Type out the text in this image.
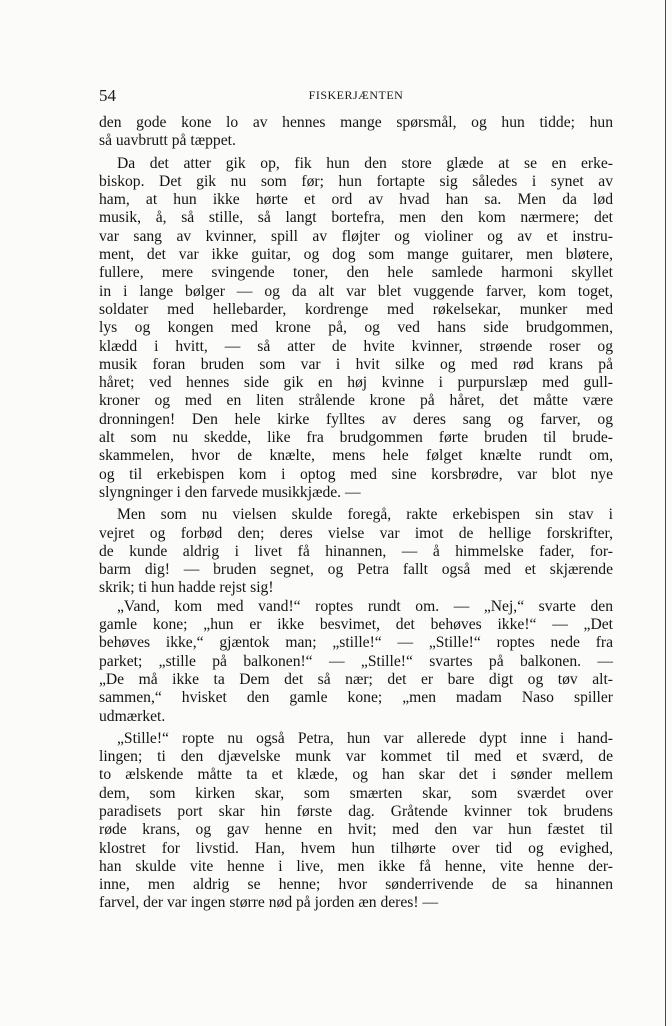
54	FISKERJÆNTEN
den gode kone lo av hennes mange spørsmål, og hun tidde; hun
så uavbrutt på tæppet.
Da det atter gik op, fik hun den store glæde at se en erke-
biskop. Det gik nu som før; hun fortapte sig således i synet av
ham, at hun ikke hørte et ord av hvad han sa. Men da lød
musik, å, så stille, så langt bortefra, men den kom nærmere; det
var sang av kvinner, spill av fløjter og violiner og av et instru-
ment, det var ikke guitar, og dog som mange guitarer, men bløtere,
fullere, mere svingende toner, den hele samlede harmoni skyllet
in i lange bølger — og da alt var blet vuggende farver, kom toget,
soldater med hellebarder, kordrenge med røkelsekar, munker med
lys og kongen med krone på, og ved hans side brudgommen,
klædd i hvitt, — så atter de hvite kvinner, strøende roser og
musik foran bruden som var i hvit silke og med rød krans på
håret; ved hennes side gik en høj kvinne i purpurslæp med gull-
kroner og med en liten strålende krone på håret, det måtte være
dronningen! Den hele kirke fylltes av deres sang og farver, og
alt som nu skedde, like fra brudgommen førte bruden til brude-
skammelen, hvor de knælte, mens hele følget knælte rundt om,
og til erkebispen kom i optog med sine korsbrødre, var blot nye
slyngninger i den farvede musikkjæde. —
Men som nu vielsen skulde foregå, rakte erkebispen sin stav i
vejret og forbød den; deres vielse var imot de hellige forskrifter,
de kunde aldrig i livet få hinannen, — å himmelske fader, for-
barm dig! — bruden segnet, og Petra fallt også med et skjærende
skrik; ti hun hadde rejst sig!
„Vand, kom med vand!“ roptes rundt om. — „Nej,“ svarte den
gamle kone; „hun er ikke besvimet, det behøves ikke!“ — „Det
behøves ikke,“ gjæntok man; „stille!“ — „Stille!“ roptes nede fra
parket; „stille på balkonen!“ — „Stille!“ svartes på balkonen. —
„De må ikke ta Dem det så nær; det er bare digt og tøv alt-
sammen,“ hvisket den gamle kone; „men madam Naso spiller
udmærket.
„Stille!“ ropte nu også Petra, hun var allerede dypt inne i hand-
lingen; ti den djævelske munk var kommet til med et sværd, de
to ælskende måtte ta et klæde, og han skar det i sønder mellem
dem, som kirken skar, som smærten skar, som sværdet over
paradisets port skar hin første dag. Gråtende kvinner tok brudens
røde krans, og gav henne en hvit; med den var hun fæstet til
klostret for livstid. Han, hvem hun tilhørte over tid og evighed,
han skulde vite henne i live, men ikke få henne, vite henne der-
inne, men aldrig se henne; hvor sønderrivende de sa hinannen
farvel, der var ingen større nød på jorden æn deres! —
